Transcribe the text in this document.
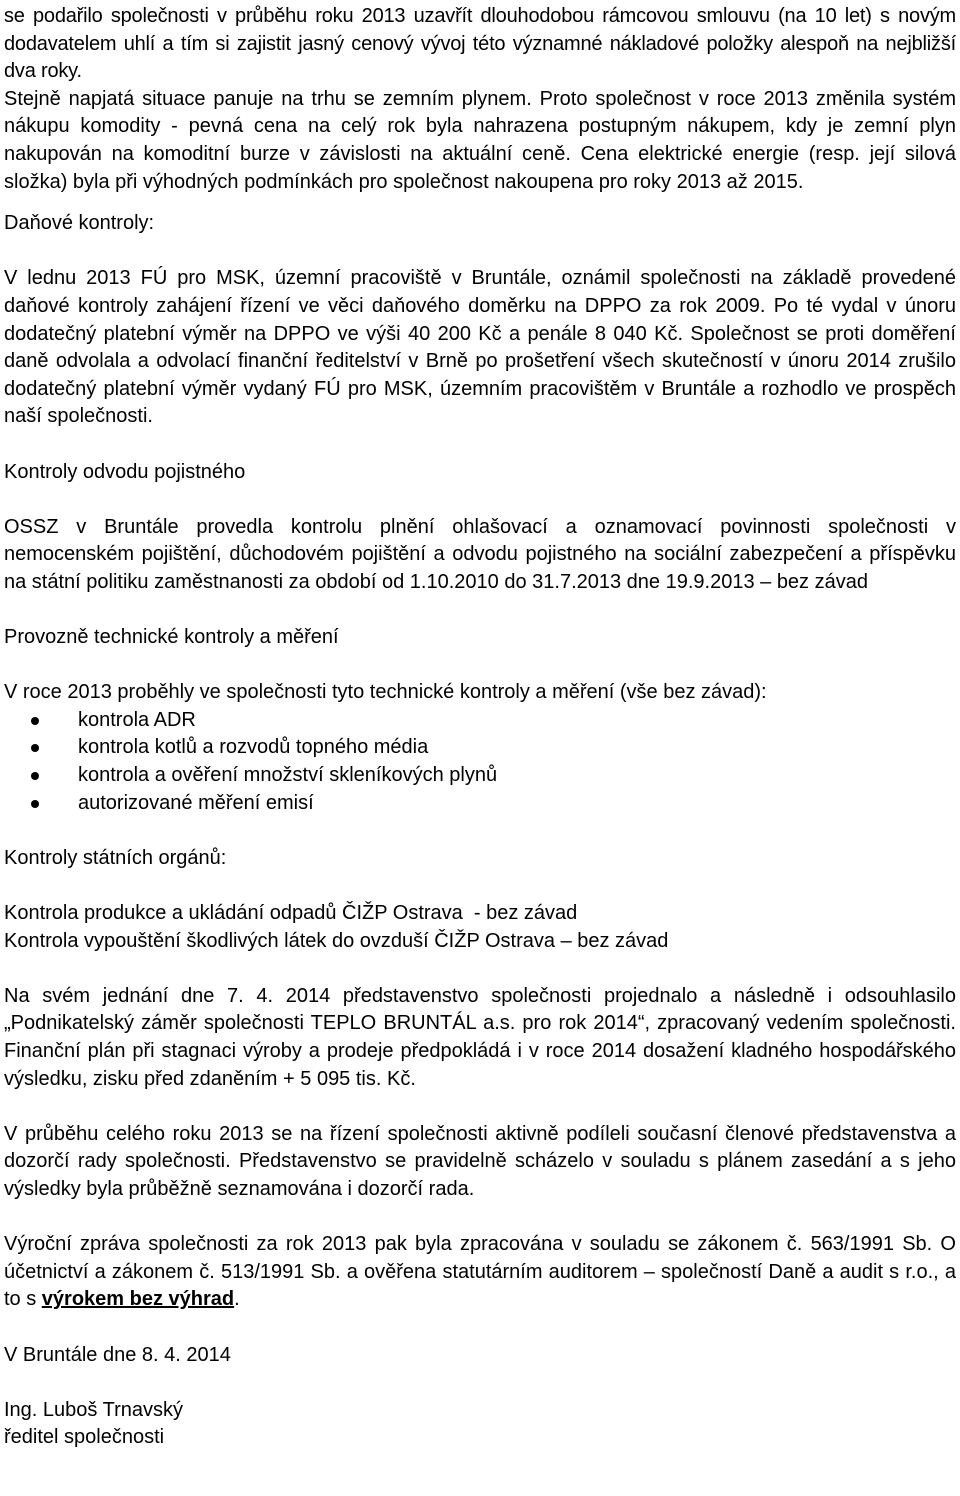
se podařilo společnosti v průběhu roku 2013 uzavřít dlouhodobou rámcovou smlouvu (na 10 let) s novým dodavatelem uhlí a tím si zajistit jasný cenový vývoj této významné nákladové položky alespoň na nejbližší dva roky.

Stejně napjatá situace panuje na trhu se zemním plynem. Proto společnost v roce 2013 změnila systém nákupu komodity - pevná cena na celý rok byla nahrazena postupným nákupem, kdy je zemní plyn nakupován na komoditní burze v závislosti na aktuální ceně. Cena elektrické energie (resp. její silová složka) byla při výhodných podmínkách pro společnost nakoupena pro roky 2013 až 2015.

Daňové kontroly:

V lednu 2013 FÚ pro MSK, územní pracoviště v Bruntále, oznámil společnosti na základě provedené daňové kontroly zahájení řízení ve věci daňového doměrku na DPPO za rok 2009. Po té vydal v únoru dodatečný platební výměr na DPPO ve výši 40 200 Kč a penále 8 040 Kč. Společnost se proti doměření daně odvolala a odvolací finanční ředitelství v Brně po prošetření všech skutečností v únoru 2014 zrušilo dodatečný platební výměr vydaný FÚ pro MSK, územním pracovištěm v Bruntále a rozhodlo ve prospěch naší společnosti.

Kontroly odvodu pojistného

OSSZ v Bruntále provedla kontrolu plnění ohlašovací a oznamovací povinnosti společnosti v nemocenském pojištění, důchodovém pojištění a odvodu pojistného na sociální zabezpečení a příspěvku na státní politiku zaměstnanosti za období od 1.10.2010 do 31.7.2013 dne 19.9.2013 – bez závad

Provozně technické kontroly a měření

V roce 2013 proběhly ve společnosti tyto technické kontroly a měření (vše bez závad):

kontrola ADR
kontrola kotlů a rozvodů topného média
kontrola a ověření množství skleníkových plynů
autorizované měření emisí

Kontroly státních orgánů:

Kontrola produkce a ukládání odpadů ČIŽP Ostrava  - bez závad

Kontrola vypouštění škodlivých látek do ovzduší ČIŽP Ostrava – bez závad

Na svém jednání dne 7. 4. 2014 představenstvo společnosti projednalo a následně i odsouhlasilo „Podnikatelský záměr společnosti TEPLO BRUNTÁL a.s. pro rok 2014“, zpracovaný vedením společnosti. Finanční plán při stagnaci výroby a prodeje předpokládá i v roce 2014 dosažení kladného hospodářského výsledku, zisku před zdaněním + 5 095 tis. Kč.

V průběhu celého roku 2013 se na řízení společnosti aktivně podíleli současní členové představenstva a dozorčí rady společnosti. Představenstvo se pravidelně scházelo v souladu s plánem zasedání a s jeho výsledky byla průběžně seznamována i dozorčí rada.

Výroční zpráva společnosti za rok 2013 pak byla zpracována v souladu se zákonem č. 563/1991 Sb. O účetnictví a zákonem č. 513/1991 Sb. a ověřena statutárním auditorem – společností Daně a audit s r.o., a to s výrokem bez výhrad.

V Bruntále dne 8. 4. 2014

Ing. Luboš Trnavský

ředitel společnosti
